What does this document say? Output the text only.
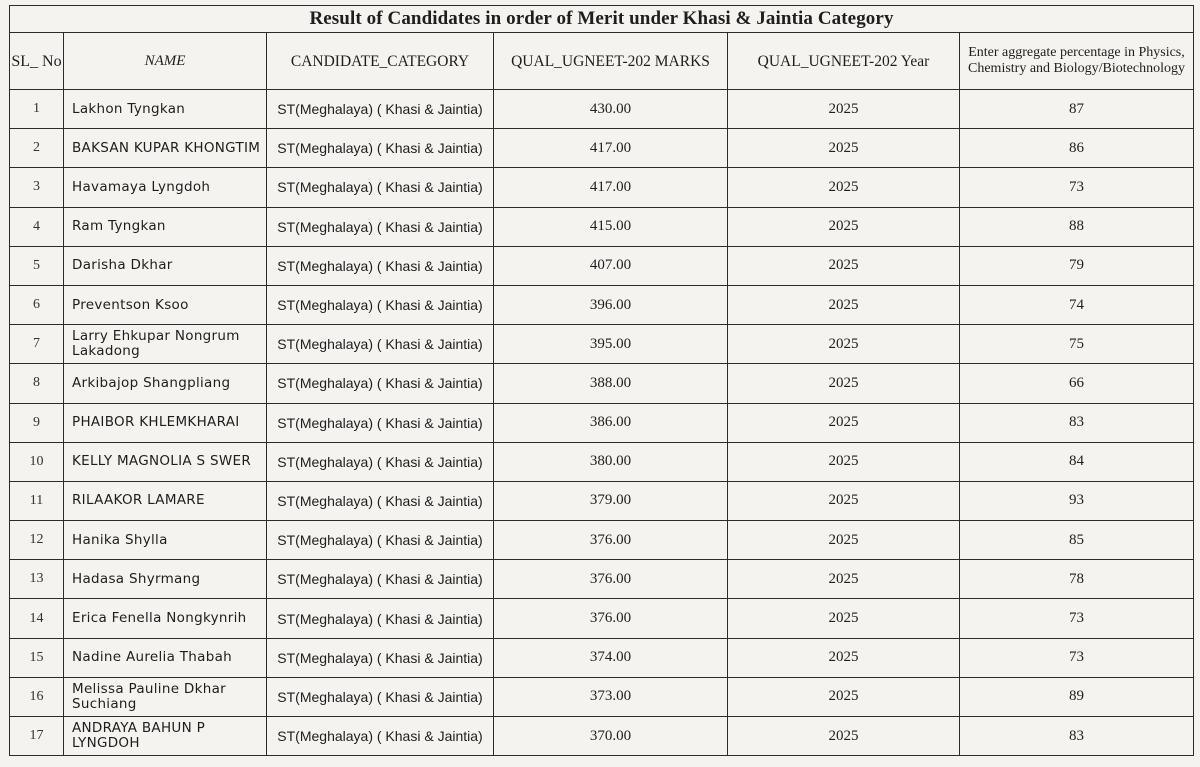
Result of Candidates in order of Merit under Khasi & Jaintia Category					
SL_ No	NAME	CANDIDATE_CATEGORY	QUAL_UGNEET-202 MARKS	QUAL_UGNEET-202 Year	Enter aggregate percentage in Physics, Chemistry and Biology/Biotechnology
1	Lakhon Tyngkan	ST(Meghalaya) ( Khasi & Jaintia)	430.00	2025	87
2	BAKSAN KUPAR KHONGTIM	ST(Meghalaya) ( Khasi & Jaintia)	417.00	2025	86
3	Havamaya Lyngdoh	ST(Meghalaya) ( Khasi & Jaintia)	417.00	2025	73
4	Ram Tyngkan	ST(Meghalaya) ( Khasi & Jaintia)	415.00	2025	88
5	Darisha Dkhar	ST(Meghalaya) ( Khasi & Jaintia)	407.00	2025	79
6	Preventson Ksoo	ST(Meghalaya) ( Khasi & Jaintia)	396.00	2025	74
7	Larry Ehkupar Nongrum Lakadong	ST(Meghalaya) ( Khasi & Jaintia)	395.00	2025	75
8	Arkibajop Shangpliang	ST(Meghalaya) ( Khasi & Jaintia)	388.00	2025	66
9	PHAIBOR KHLEMKHARAI	ST(Meghalaya) ( Khasi & Jaintia)	386.00	2025	83
10	KELLY MAGNOLIA S SWER	ST(Meghalaya) ( Khasi & Jaintia)	380.00	2025	84
11	RILAAKOR LAMARE	ST(Meghalaya) ( Khasi & Jaintia)	379.00	2025	93
12	Hanika Shylla	ST(Meghalaya) ( Khasi & Jaintia)	376.00	2025	85
13	Hadasa Shyrmang	ST(Meghalaya) ( Khasi & Jaintia)	376.00	2025	78
14	Erica Fenella Nongkynrih	ST(Meghalaya) ( Khasi & Jaintia)	376.00	2025	73
15	Nadine Aurelia Thabah	ST(Meghalaya) ( Khasi & Jaintia)	374.00	2025	73
16	Melissa Pauline Dkhar Suchiang	ST(Meghalaya) ( Khasi & Jaintia)	373.00	2025	89
17	ANDRAYA BAHUN P LYNGDOH	ST(Meghalaya) ( Khasi & Jaintia)	370.00	2025	83
